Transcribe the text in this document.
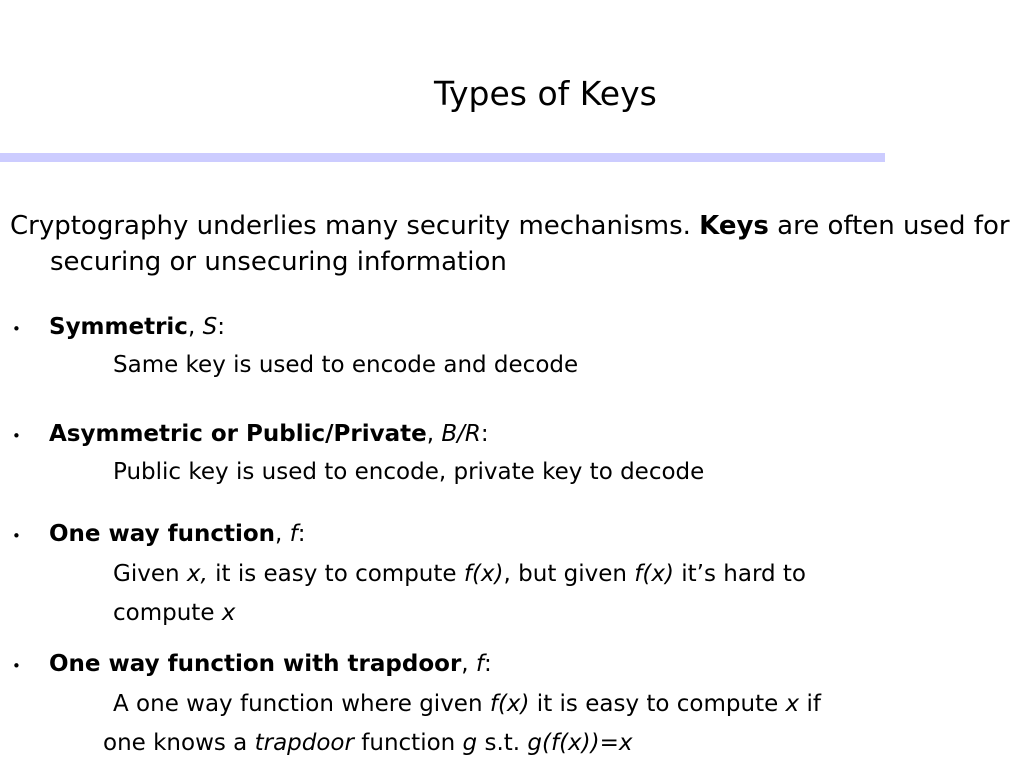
Types of Keys

Cryptography underlies many security mechanisms. Keys are often used for securing or unsecuring information

• Symmetric, S:
Same key is used to encode and decode
• Asymmetric or Public/Private, B/R:
Public key is used to encode, private key to decode
• One way function, f:
Given x, it is easy to compute f(x), but given f(x) it’s hard to
compute x
• One way function with trapdoor, f:
A one way function where given f(x) it is easy to compute x if
one knows a trapdoor function g s.t. g(f(x))=x
